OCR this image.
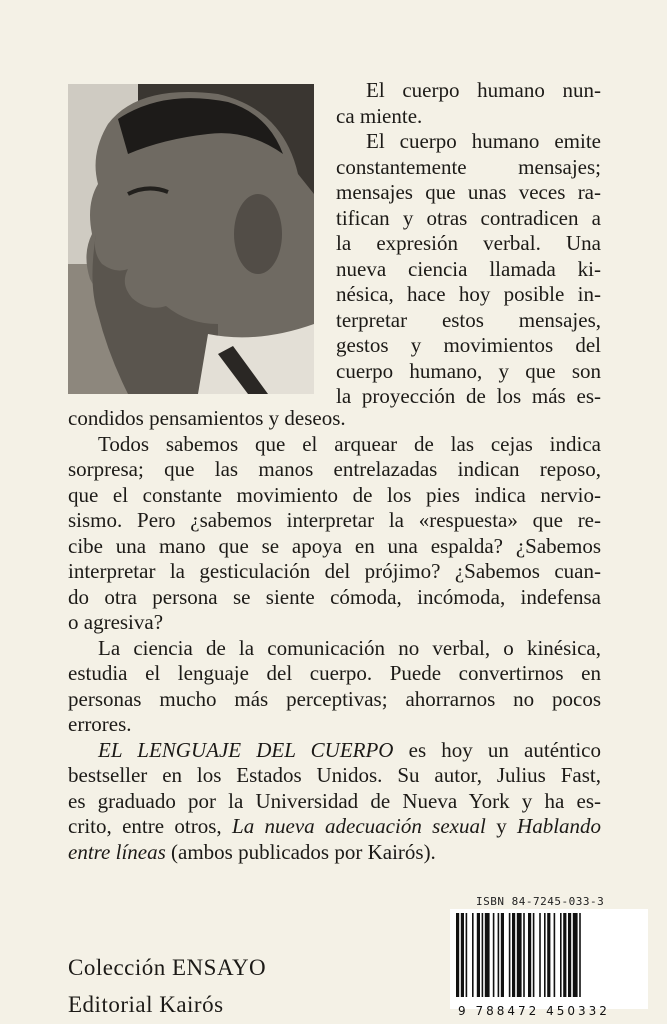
El cuerpo humano nun-
ca miente.

El cuerpo humano emite
constantemente mensajes;
mensajes que unas veces ra-
tifican y otras contradicen a
la expresión verbal. Una
nueva ciencia llamada ki-
nésica, hace hoy posible in-
terpretar estos mensajes,
gestos y movimientos del
cuerpo humano, y que son
la proyección de los más es-

condidos pensamientos y deseos.

Todos sabemos que el arquear de las cejas indica
sorpresa; que las manos entrelazadas indican reposo,
que el constante movimiento de los pies indica nervio-
sismo. Pero ¿sabemos interpretar la «respuesta» que re-
cibe una mano que se apoya en una espalda? ¿Sabemos
interpretar la gesticulación del prójimo? ¿Sabemos cuan-
do otra persona se siente cómoda, incómoda, indefensa
o agresiva?

La ciencia de la comunicación no verbal, o kinésica,
estudia el lenguaje del cuerpo. Puede convertirnos en
personas mucho más perceptivas; ahorrarnos no pocos
errores.

EL LENGUAJE DEL CUERPO es hoy un auténtico
bestseller en los Estados Unidos. Su autor, Julius Fast,
es graduado por la Universidad de Nueva York y ha es-
crito, entre otros, La nueva adecuación sexual y Hablando
entre líneas (ambos publicados por Kairós).

ISBN 84-7245-033-3
9 788472 450332
Colección ENSAYO
Editorial Kairós
